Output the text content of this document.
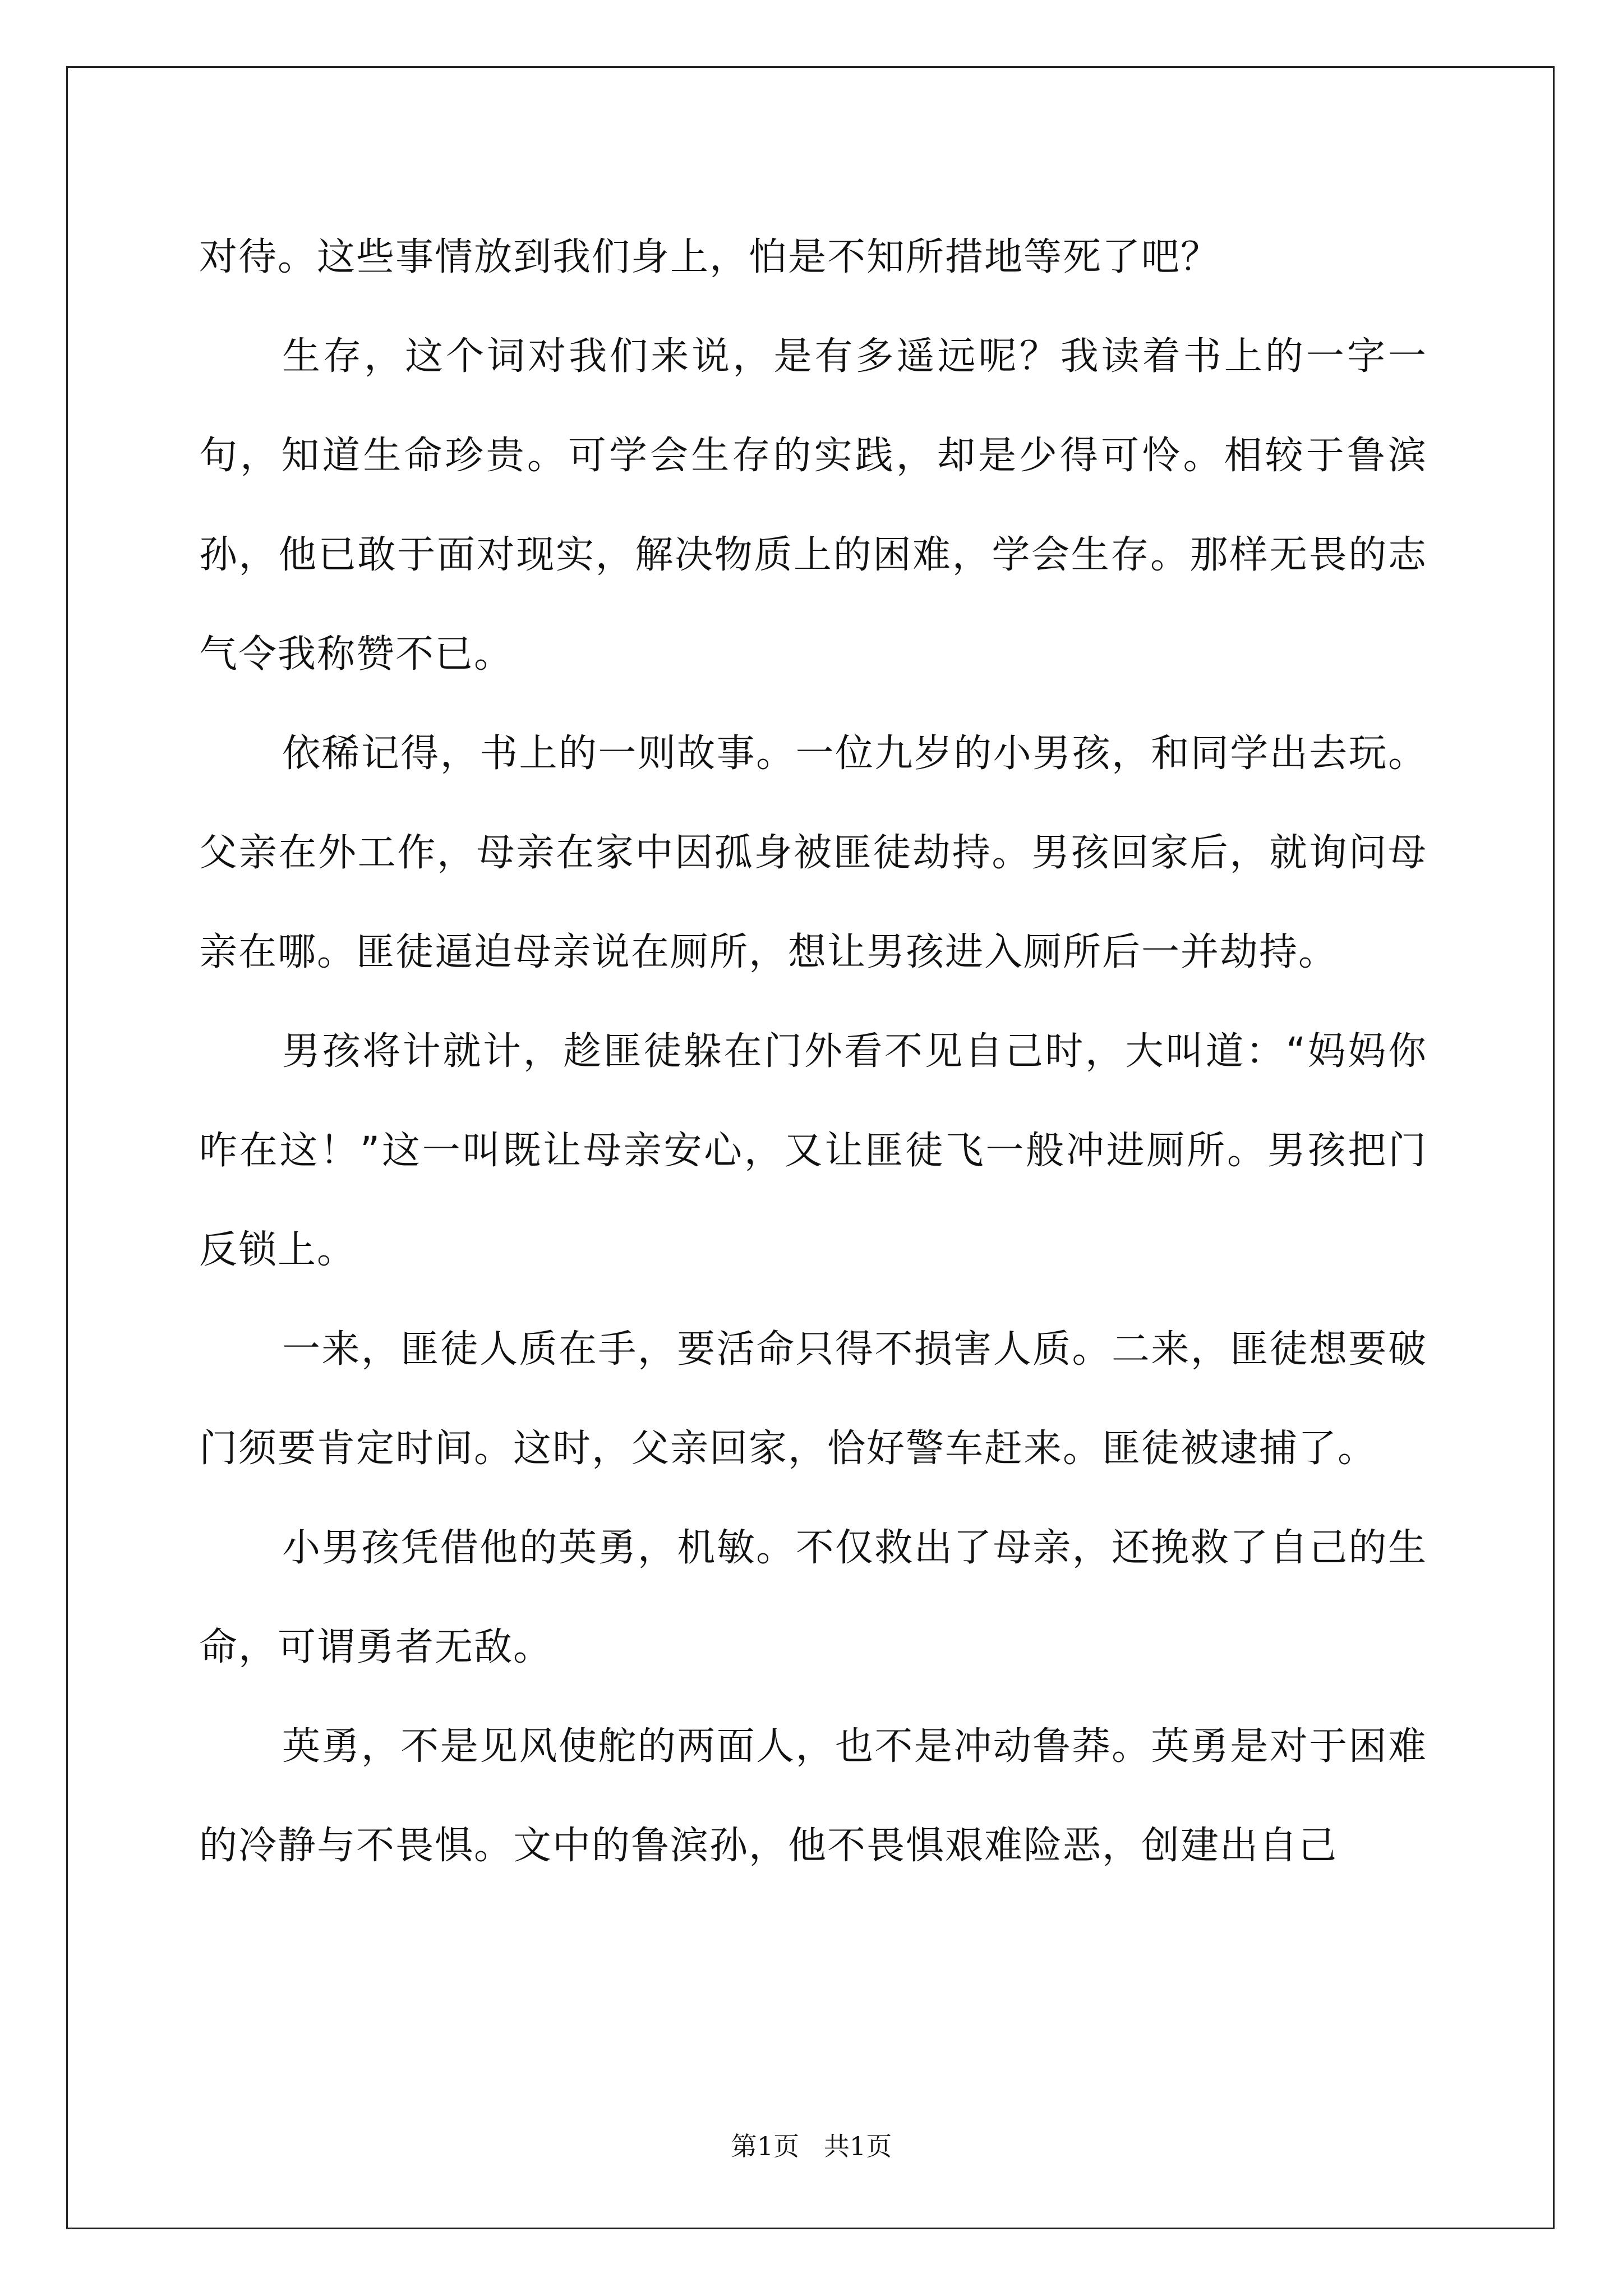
对待。这些事情放到我们身上，怕是不知所措地等死了吧？

生存，这个词对我们来说，是有多遥远呢？我读着书上的一字一句，知道生命珍贵。可学会生存的实践，却是少得可怜。相较于鲁滨孙，他已敢于面对现实，解决物质上的困难，学会生存。那样无畏的志气令我称赞不已。

依稀记得，书上的一则故事。一位九岁的小男孩，和同学出去玩。父亲在外工作，母亲在家中因孤身被匪徒劫持。男孩回家后，就询问母亲在哪。匪徒逼迫母亲说在厕所，想让男孩进入厕所后一并劫持。

男孩将计就计，趁匪徒躲在门外看不见自己时，大叫道：“妈妈你咋在这！”这一叫既让母亲安心，又让匪徒飞一般冲进厕所。男孩把门反锁上。

一来，匪徒人质在手，要活命只得不损害人质。二来，匪徒想要破门须要肯定时间。这时，父亲回家，恰好警车赶来。匪徒被逮捕了。

小男孩凭借他的英勇，机敏。不仅救出了母亲，还挽救了自己的生命，可谓勇者无敌。

英勇，不是见风使舵的两面人，也不是冲动鲁莽。英勇是对于困难的冷静与不畏惧。文中的鲁滨孙，他不畏惧艰难险恶，创建出自己

第1页   共1页
